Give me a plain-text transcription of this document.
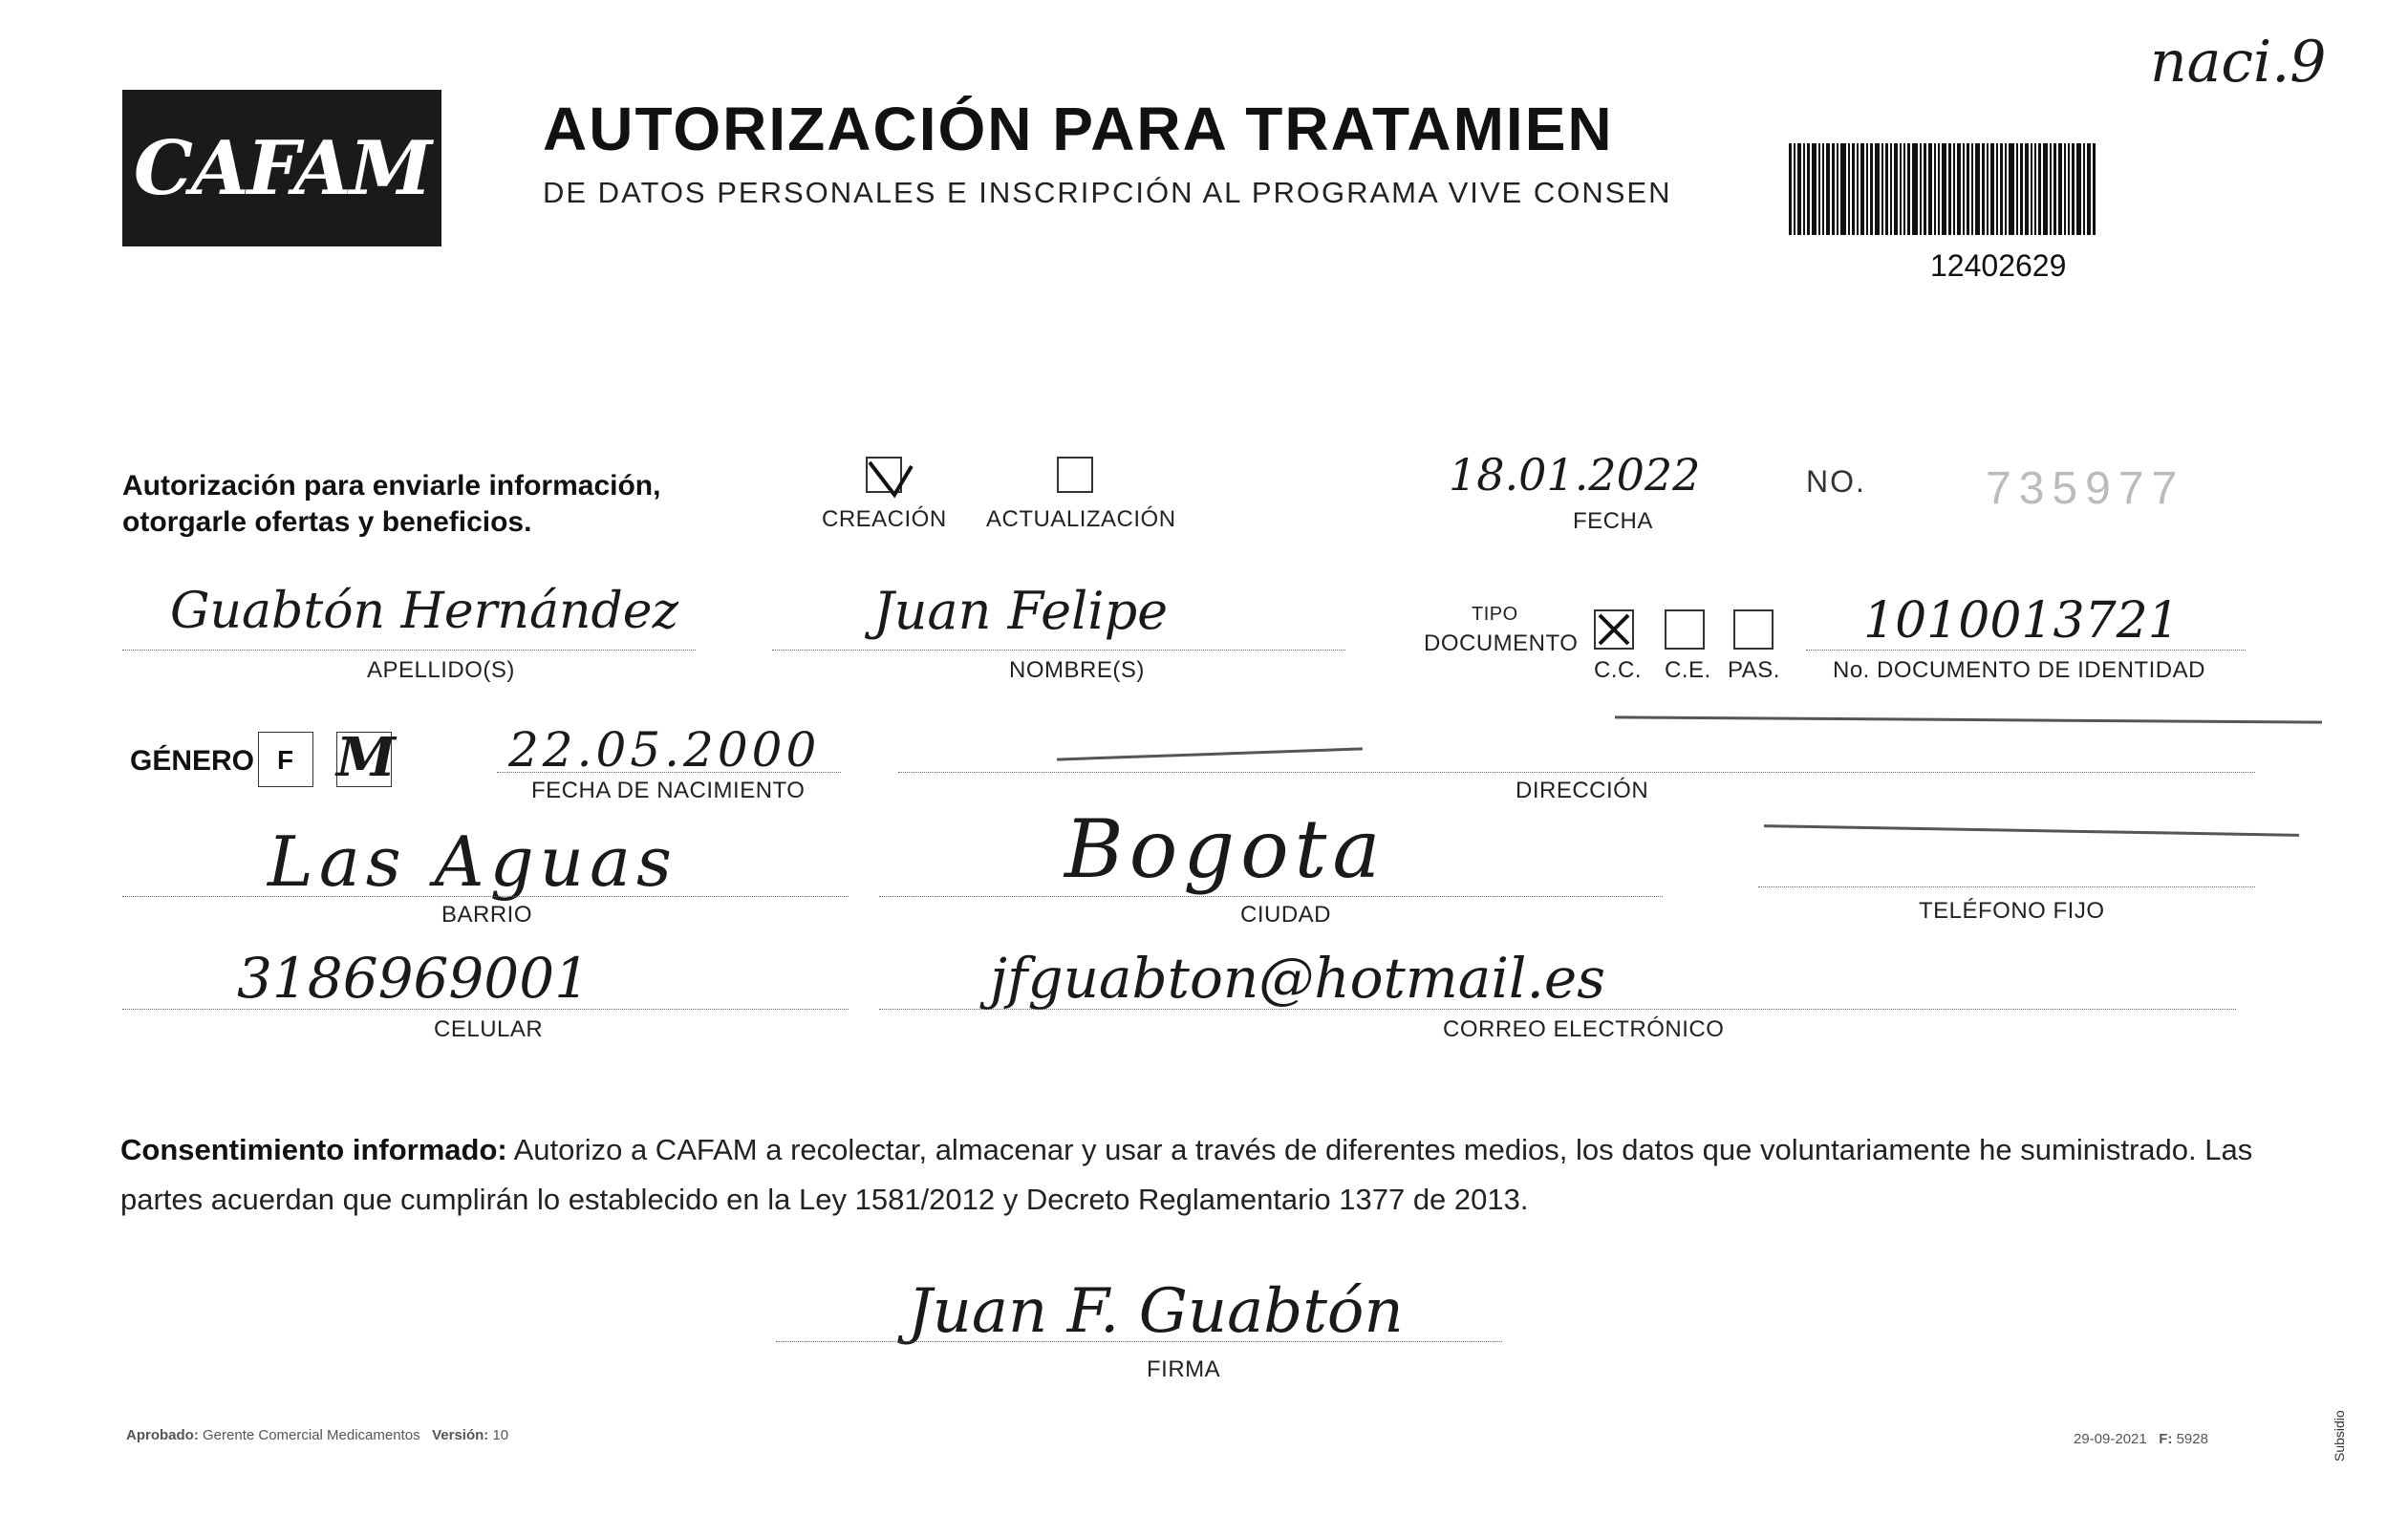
naci.9
CAFAM AUTORIZACIÓN PARA TRATAMIEN
DE DATOS PERSONALES E INSCRIPCIÓN AL PROGRAMA VIVE CONSEN
12402629
Autorización para enviarle información,
otorgarle ofertas y beneficios.	CREACIÓN ACTUALIZACIÓN
18.01.2022
FECHA
NO.	735977
Guabtón Hernández
APELLIDO(S)
Juan Felipe
NOMBRE(S)
TIPO
DOCUMENTO
C.C. C.E. PAS.
1010013721
No. DOCUMENTO DE IDENTIDAD
GÉNERO F M 22.05.2000
FECHA DE NACIMIENTO	DIRECCIÓN
Las Aguas
BARRIO
Bogota
CIUDAD	TELÉFONO FIJO
3186969001
CELULAR
jfguabton@hotmail.es
CORREO ELECTRÓNICO
Consentimiento informado: Autorizo a CAFAM a recolectar, almacenar y usar a través de diferentes medios, los datos que voluntariamente he suministrado. Las partes acuerdan que cumplirán lo establecido en la Ley 1581/2012 y Decreto Reglamentario 1377 de 2013.
Juan F. Guabtón
FIRMA
Aprobado: Gerente Comercial Medicamentos Versión: 10	29-09-2021 F: 5928	Subsidio
